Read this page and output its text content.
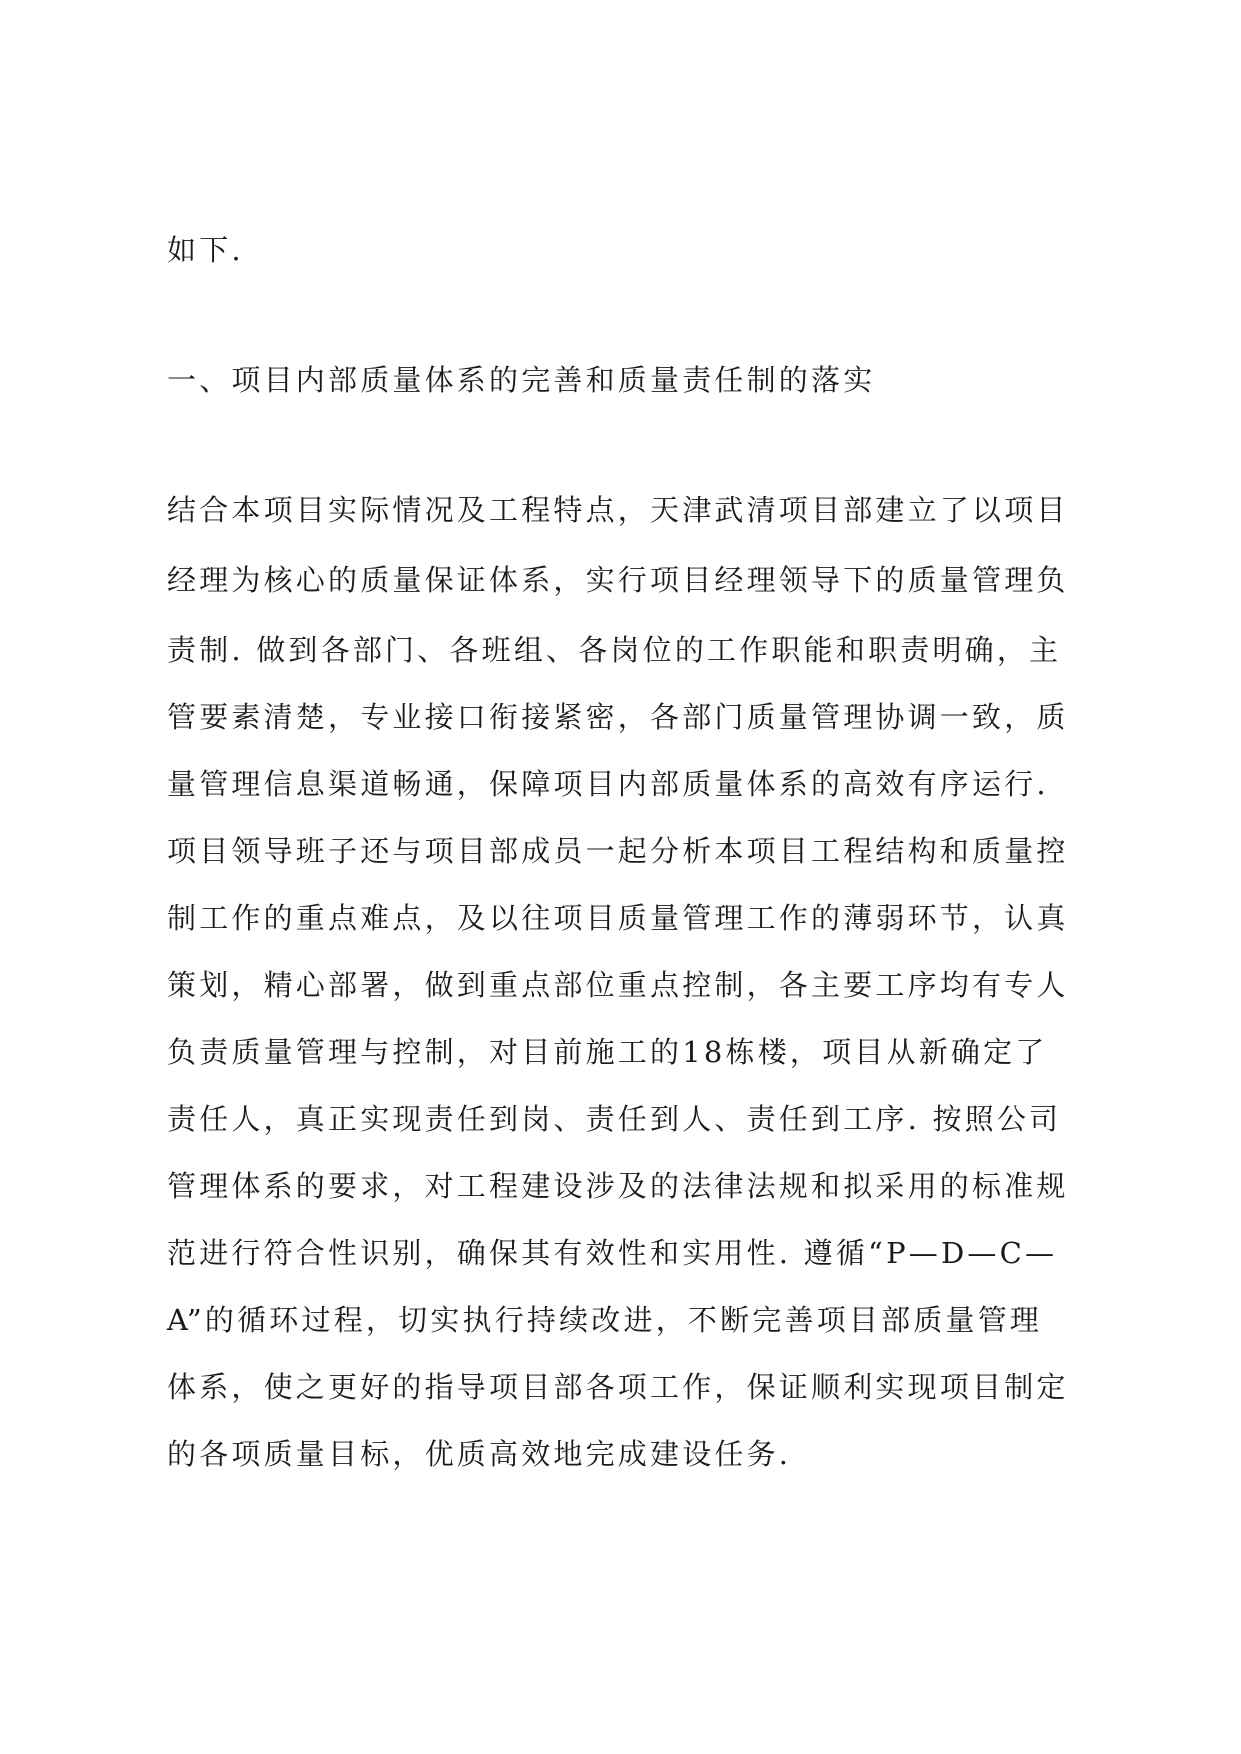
如下.

一、项目内部质量体系的完善和质量责任制的落实

结合本项目实际情况及工程特点，天津武清项目部建立了以项目

经理为核心的质量保证体系，实行项目经理领导下的质量管理负

责制. 做到各部门、各班组、各岗位的工作职能和职责明确，主

管要素清楚，专业接口衔接紧密，各部门质量管理协调一致，质

量管理信息渠道畅通，保障项目内部质量体系的高效有序运行.

项目领导班子还与项目部成员一起分析本项目工程结构和质量控

制工作的重点难点，及以往项目质量管理工作的薄弱环节，认真

策划，精心部署，做到重点部位重点控制，各主要工序均有专人

负责质量管理与控制，对目前施工的18栋楼，项目从新确定了

责任人，真正实现责任到岗、责任到人、责任到工序. 按照公司

管理体系的要求，对工程建设涉及的法律法规和拟采用的标准规

范进行符合性识别，确保其有效性和实用性. 遵循“P—D—C—

A”的循环过程，切实执行持续改进，不断完善项目部质量管理

体系，使之更好的指导项目部各项工作，保证顺利实现项目制定

的各项质量目标，优质高效地完成建设任务.
